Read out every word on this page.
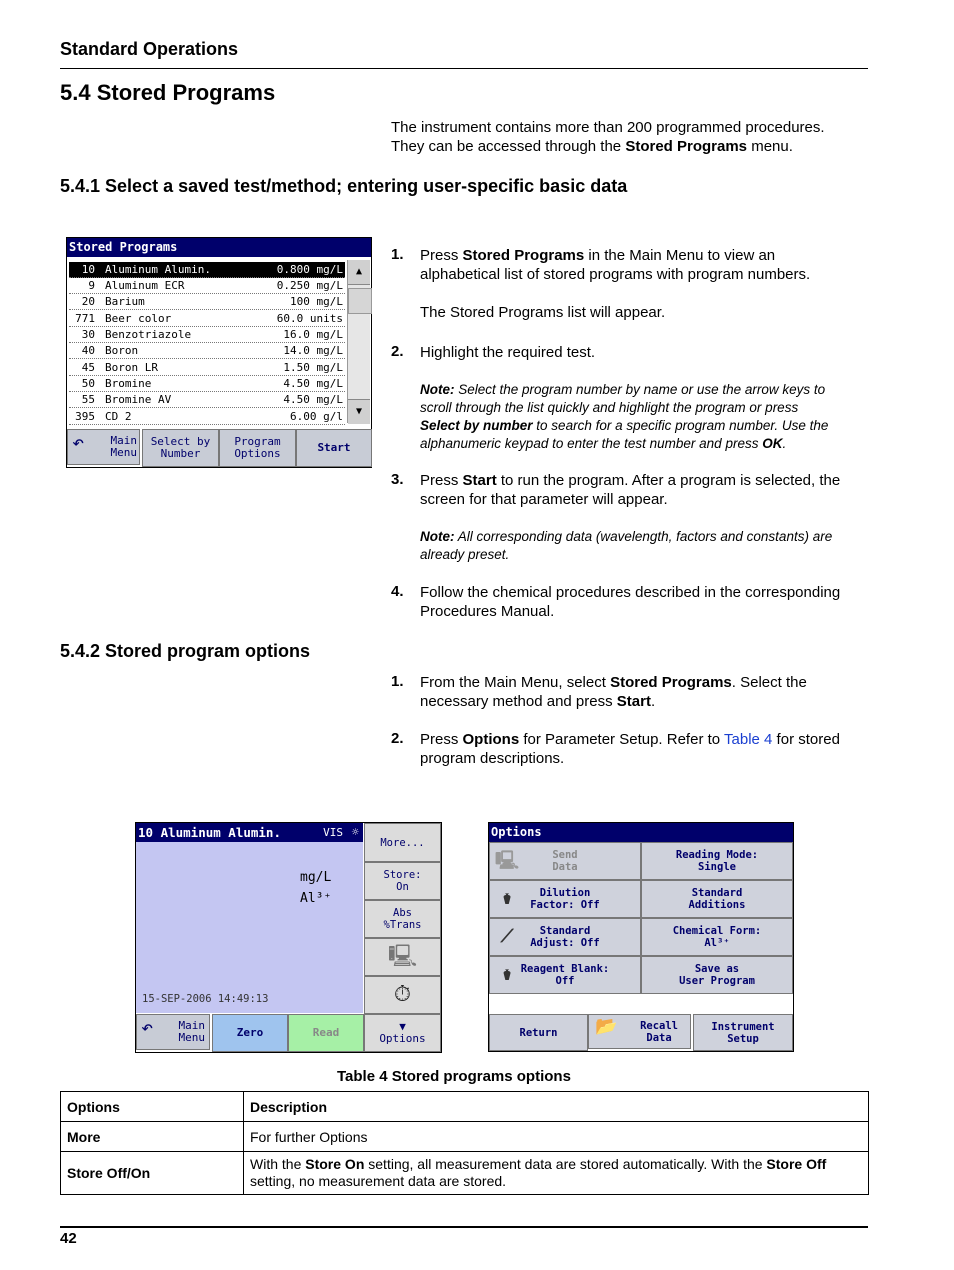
Standard Operations
5.4 Stored Programs
The instrument contains more than 200 programmed procedures.
They can be accessed through the Stored Programs menu.
5.4.1 Select a saved test/method; entering user-specific basic data
Stored Programs
10 Aluminum Alumin.	0.800 mg/L
9 Aluminum ECR	0.250 mg/L
20 Barium	100 mg/L
771 Beer color	60.0 units
30 Benzotriazole	16.0 mg/L
40 Boron	14.0 mg/L
45 Boron LR	1.50 mg/L
50 Bromine	4.50 mg/L
55 Bromine AV	4.50 mg/L
395 CD 2	6.00 g/l
▲
▼
↶ Main
Menu
Select by
Number
Program
Options	Start
1. Press Stored Programs in the Main Menu to view an
alphabetical list of stored programs with program numbers.
The Stored Programs list will appear.
2. Highlight the required test.
Note: Select the program number by name or use the arrow keys to
scroll through the list quickly and highlight the program or press
Select by number to search for a specific program number. Use the
alphanumeric keypad to enter the test number and press OK.
3. Press Start to run the program. After a program is selected, the
screen for that parameter will appear.
Note: All corresponding data (wavelength, factors and constants) are
already preset.
4. Follow the chemical procedures described in the corresponding
Procedures Manual.
5.4.2 Stored program options
1. From the Main Menu, select Stored Programs. Select the
necessary method and press Start.
2. Press Options for Parameter Setup. Refer to Table 4 for stored
program descriptions.
10 Aluminum Alumin.	VIS ☼
mg/L
Al³⁺
15-SEP-2006 14:49:13
More...
Store:
On
Abs
%Trans
🖳
⏱
↶ Main
Menu	Zero	Read	▼
Options
Options
🖳	Send
Data
Reading Mode:
Single
⚱	Dilution
Factor: Off
Standard
Additions
⟋	Standard
Adjust: Off
Chemical Form:
Al³⁺
⚱ Reagent Blank:
Off
Save as
User Program
Return	📂 Recall
Data
Instrument
Setup
Table 4 Stored programs options
Options	Description
More	For further Options
Store Off/On	With the Store On setting, all measurement data are stored automatically. With the Store Off
setting, no measurement data are stored.
42
